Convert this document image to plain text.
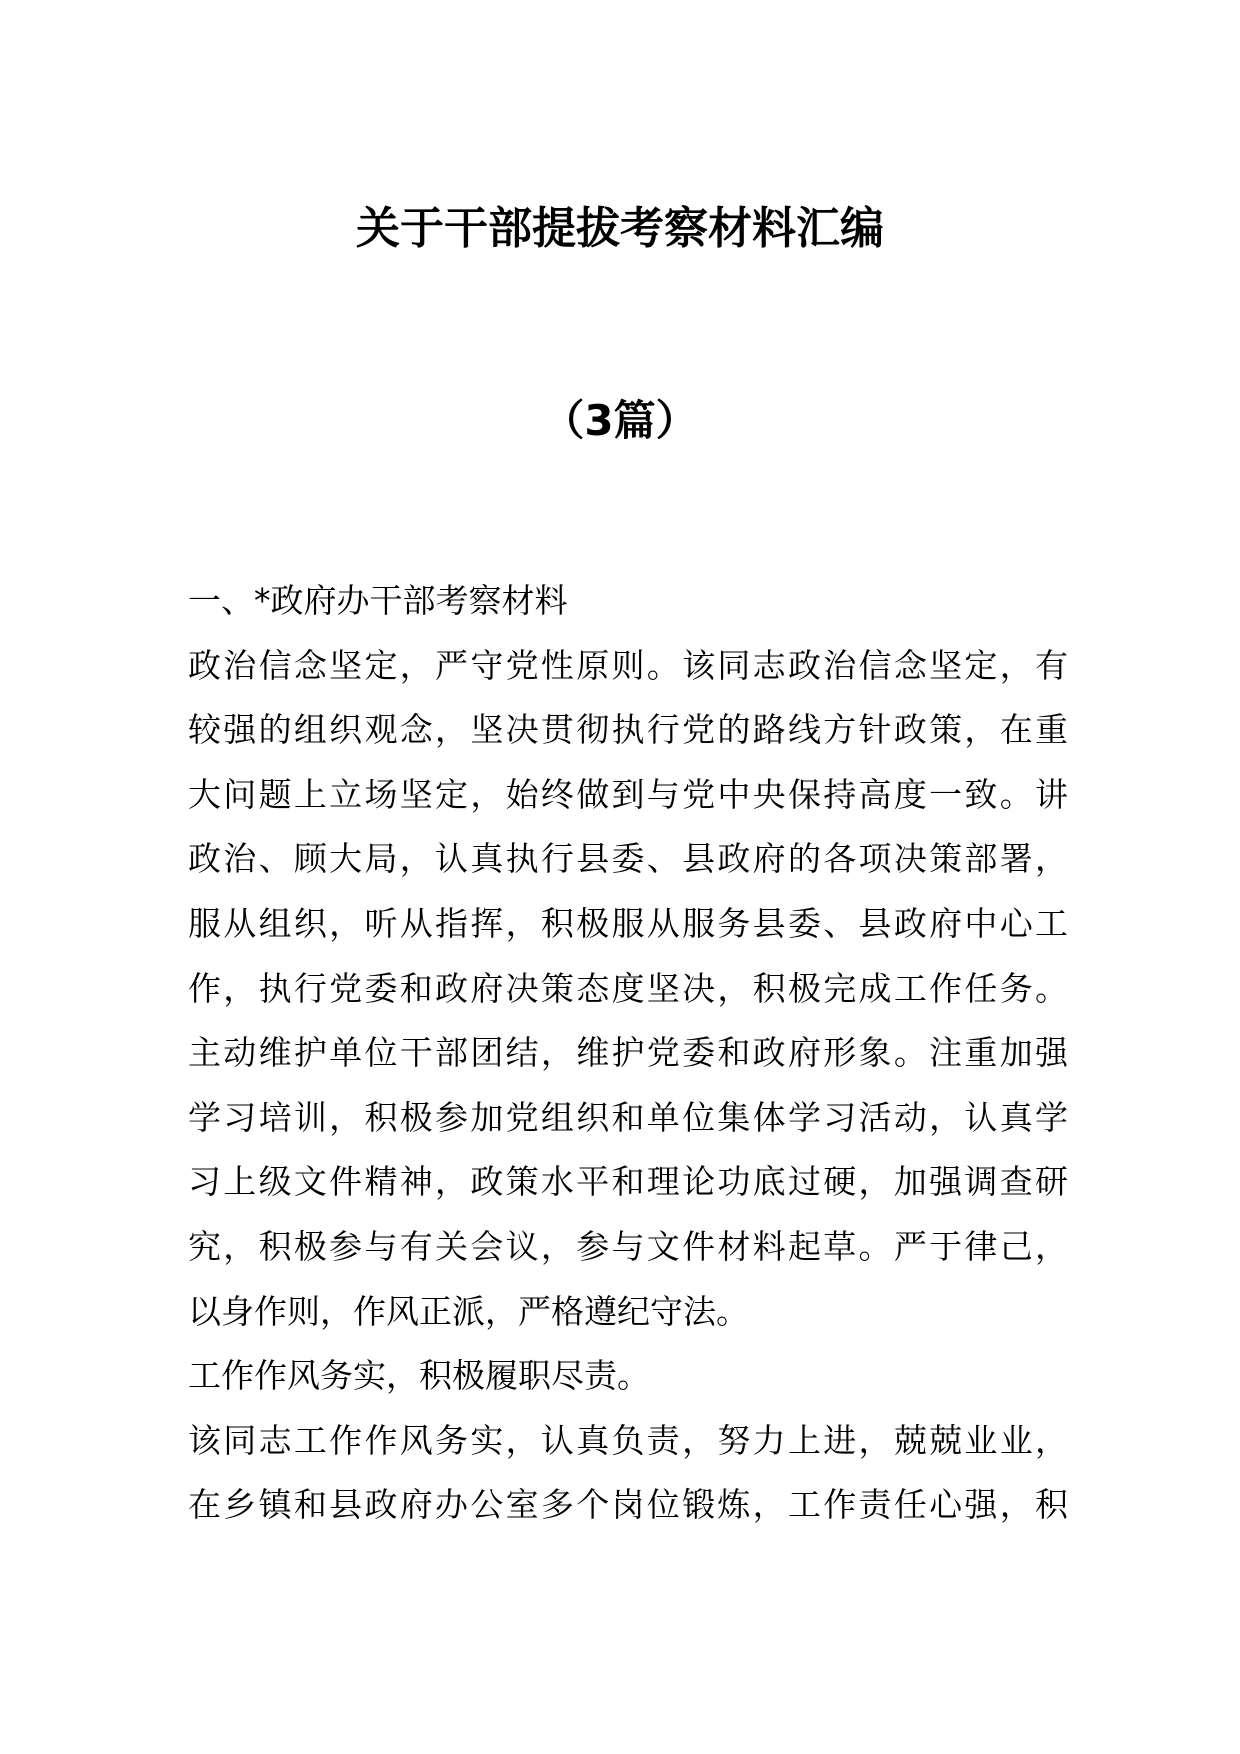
关于干部提拔考察材料汇编
（3篇）
一、*政府办干部考察材料
政治信念坚定，严守党性原则。该同志政治信念坚定，有
较强的组织观念，坚决贯彻执行党的路线方针政策，在重
大问题上立场坚定，始终做到与党中央保持高度一致。讲
政治、顾大局，认真执行县委、县政府的各项决策部署，
服从组织，听从指挥，积极服从服务县委、县政府中心工
作，执行党委和政府决策态度坚决，积极完成工作任务。
主动维护单位干部团结，维护党委和政府形象。注重加强
学习培训，积极参加党组织和单位集体学习活动，认真学
习上级文件精神，政策水平和理论功底过硬，加强调查研
究，积极参与有关会议，参与文件材料起草。严于律己，
以身作则，作风正派，严格遵纪守法。
工作作风务实，积极履职尽责。
该同志工作作风务实，认真负责，努力上进，兢兢业业，
在乡镇和县政府办公室多个岗位锻炼，工作责任心强，积
